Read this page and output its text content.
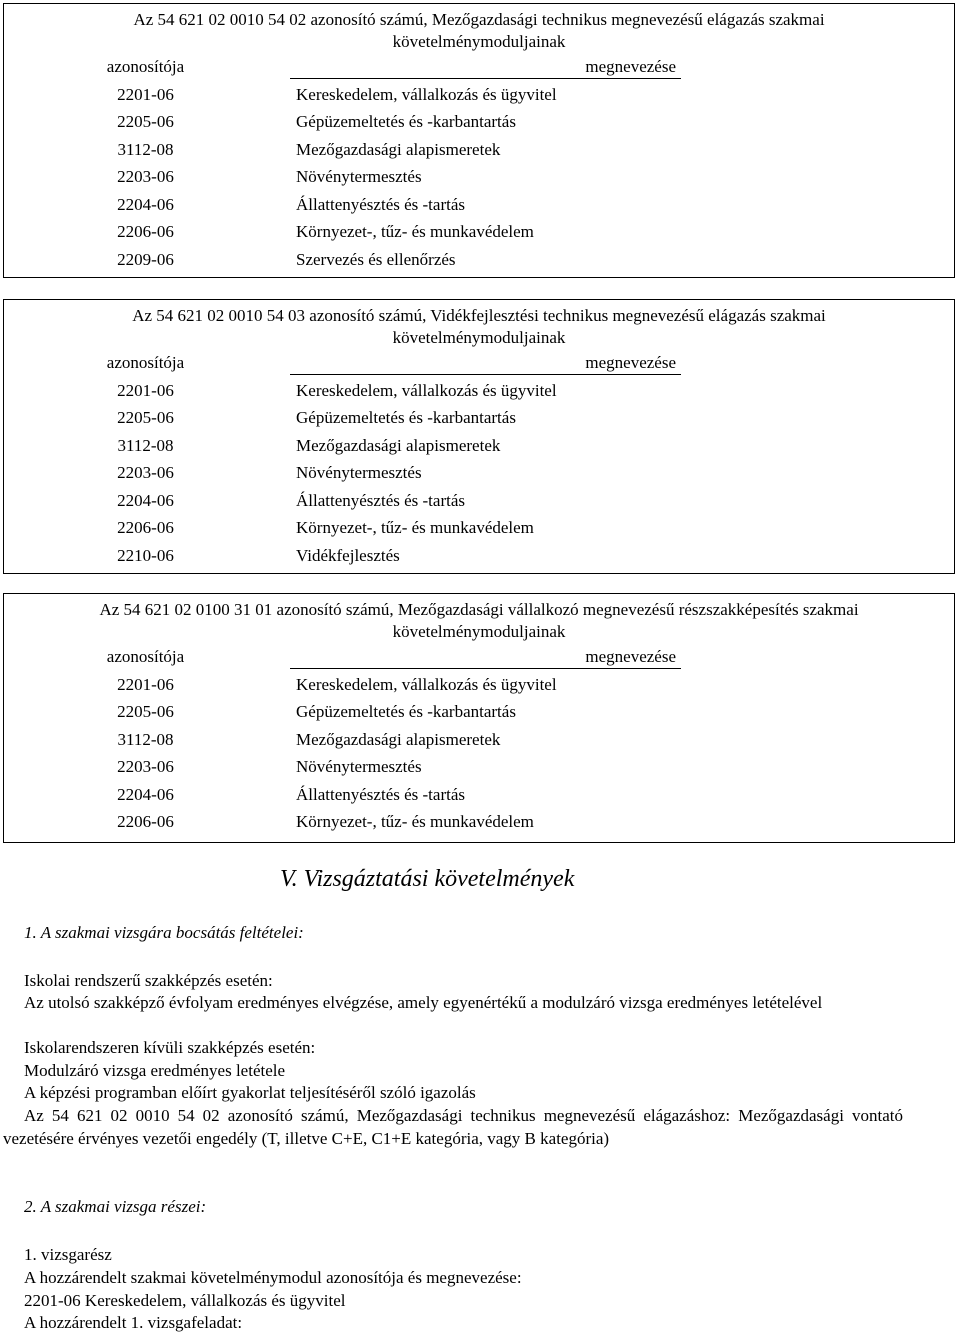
Az 54 621 02 0010 54 02 azonosító számú, Mezőgazdasági technikus megnevezésű elágazás szakmai
követelménymoduljainak
azonosítója	megnevezése
2201-06	Kereskedelem, vállalkozás és ügyvitel
2205-06	Gépüzemeltetés és -karbantartás
3112-08	Mezőgazdasági alapismeretek
2203-06	Növénytermesztés
2204-06	Állattenyésztés és -tartás
2206-06	Környezet-, tűz- és munkavédelem
2209-06	Szervezés és ellenőrzés
Az 54 621 02 0010 54 03 azonosító számú, Vidékfejlesztési technikus megnevezésű elágazás szakmai
követelménymoduljainak
azonosítója	megnevezése
2201-06	Kereskedelem, vállalkozás és ügyvitel
2205-06	Gépüzemeltetés és -karbantartás
3112-08	Mezőgazdasági alapismeretek
2203-06	Növénytermesztés
2204-06	Állattenyésztés és -tartás
2206-06	Környezet-, tűz- és munkavédelem
2210-06	Vidékfejlesztés
Az 54 621 02 0100 31 01 azonosító számú, Mezőgazdasági vállalkozó megnevezésű részszakképesítés szakmai
követelménymoduljainak
azonosítója	megnevezése
2201-06	Kereskedelem, vállalkozás és ügyvitel
2205-06	Gépüzemeltetés és -karbantartás
3112-08	Mezőgazdasági alapismeretek
2203-06	Növénytermesztés
2204-06	Állattenyésztés és -tartás
2206-06	Környezet-, tűz- és munkavédelem
V. Vizsgáztatási követelmények
1. A szakmai vizsgára bocsátás feltételei:
Iskolai rendszerű szakképzés esetén:
Az utolsó szakképző évfolyam eredményes elvégzése, amely egyenértékű a modulzáró vizsga eredményes letételével
Iskolarendszeren kívüli szakképzés esetén:
Modulzáró vizsga eredményes letétele
A képzési programban előírt gyakorlat teljesítéséről szóló igazolás
Az 54 621 02 0010 54 02 azonosító számú, Mezőgazdasági technikus megnevezésű elágazáshoz: Mezőgazdasági vontató vezetésére érvényes vezetői engedély (T, illetve C+E, C1+E kategória, vagy B kategória)
2. A szakmai vizsga részei:
1. vizsgarész
A hozzárendelt szakmai követelménymodul azonosítója és megnevezése:
2201-06 Kereskedelem, vállalkozás és ügyvitel
A hozzárendelt 1. vizsgafeladat:
